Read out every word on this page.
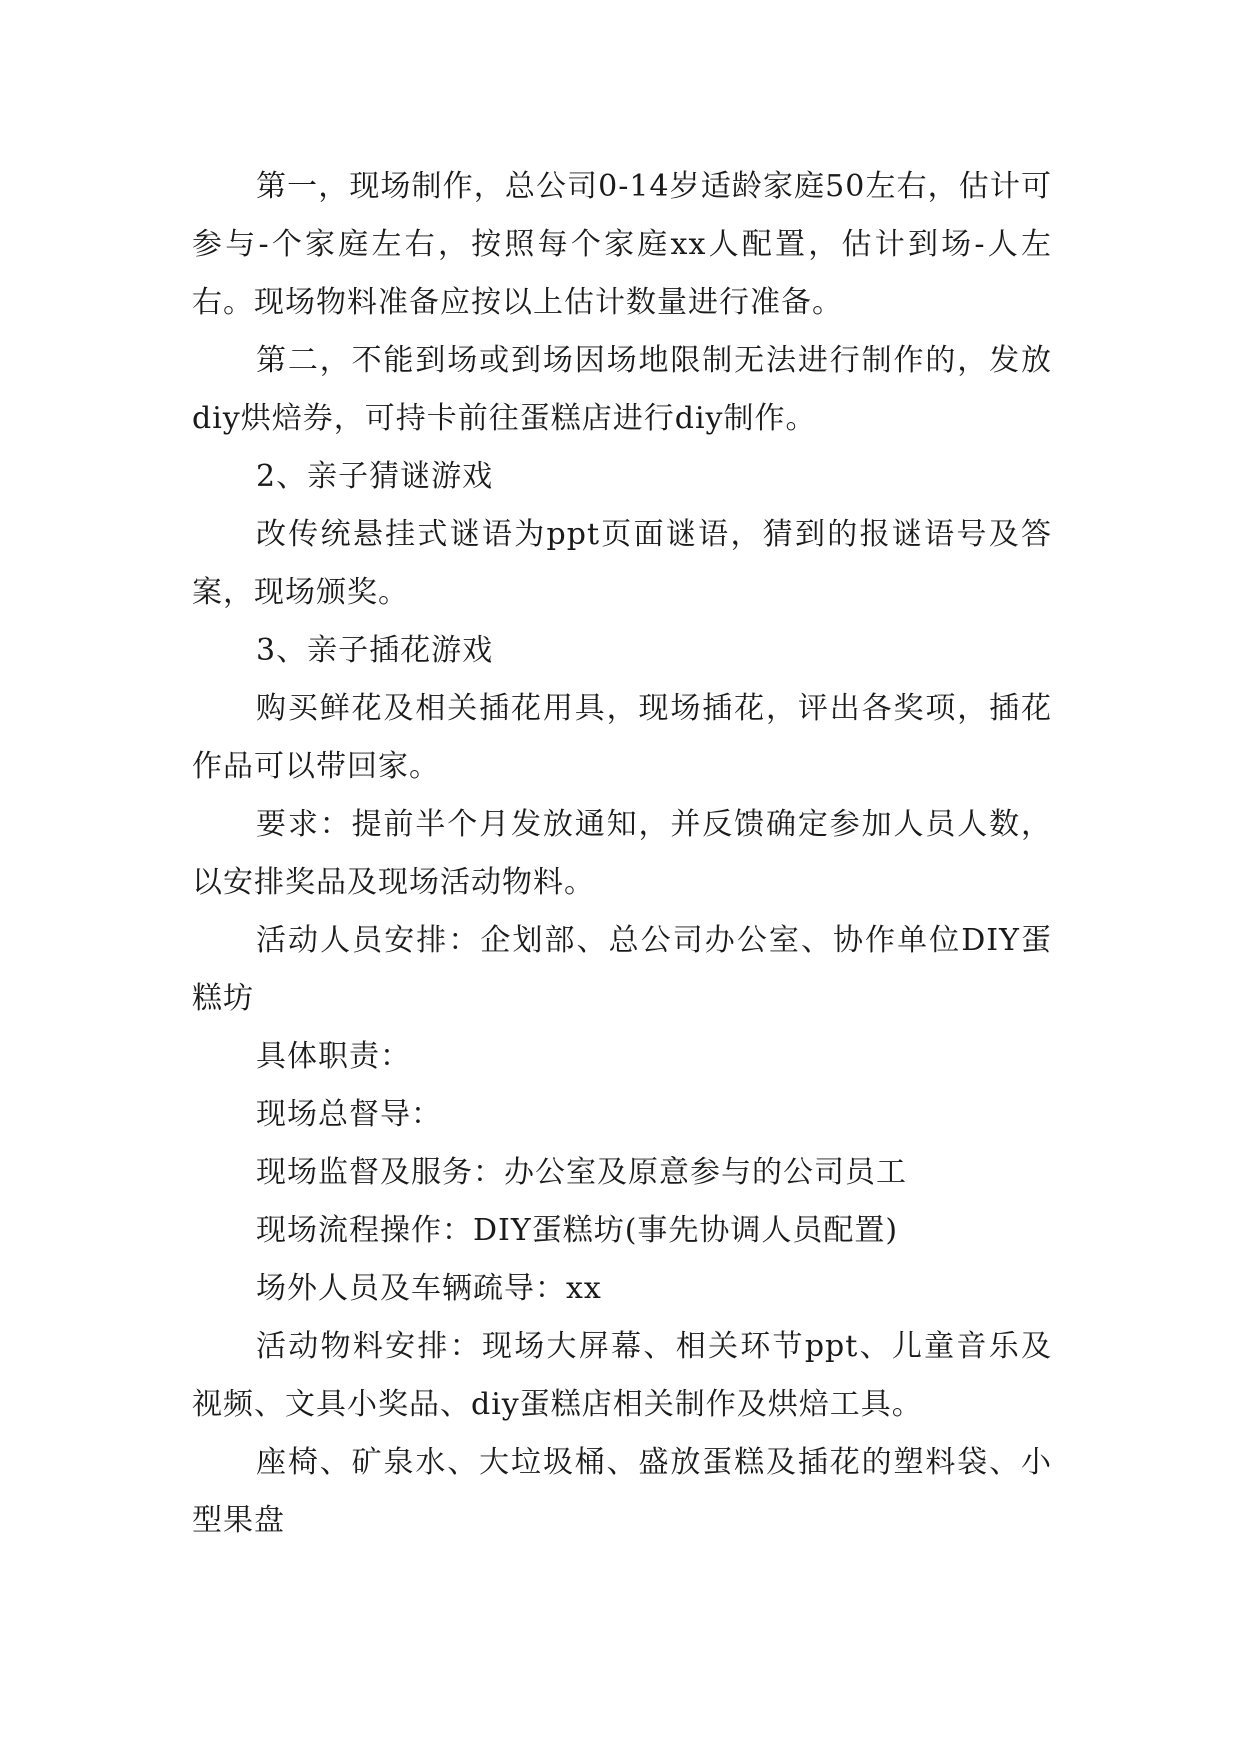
第一，现场制作，总公司0-14岁适龄家庭50左右，估计可参与-个家庭左右，按照每个家庭xx人配置，估计到场-人左右。现场物料准备应按以上估计数量进行准备。

第二，不能到场或到场因场地限制无法进行制作的，发放diy烘焙券，可持卡前往蛋糕店进行diy制作。

2、亲子猜谜游戏

改传统悬挂式谜语为ppt页面谜语，猜到的报谜语号及答案，现场颁奖。

3、亲子插花游戏

购买鲜花及相关插花用具，现场插花，评出各奖项，插花作品可以带回家。

要求：提前半个月发放通知，并反馈确定参加人员人数，以安排奖品及现场活动物料。

活动人员安排：企划部、总公司办公室、协作单位DIY蛋糕坊

具体职责：

现场总督导：

现场监督及服务：办公室及原意参与的公司员工

现场流程操作：DIY蛋糕坊(事先协调人员配置)

场外人员及车辆疏导：xx

活动物料安排：现场大屏幕、相关环节ppt、儿童音乐及视频、文具小奖品、diy蛋糕店相关制作及烘焙工具。

座椅、矿泉水、大垃圾桶、盛放蛋糕及插花的塑料袋、小型果盘
